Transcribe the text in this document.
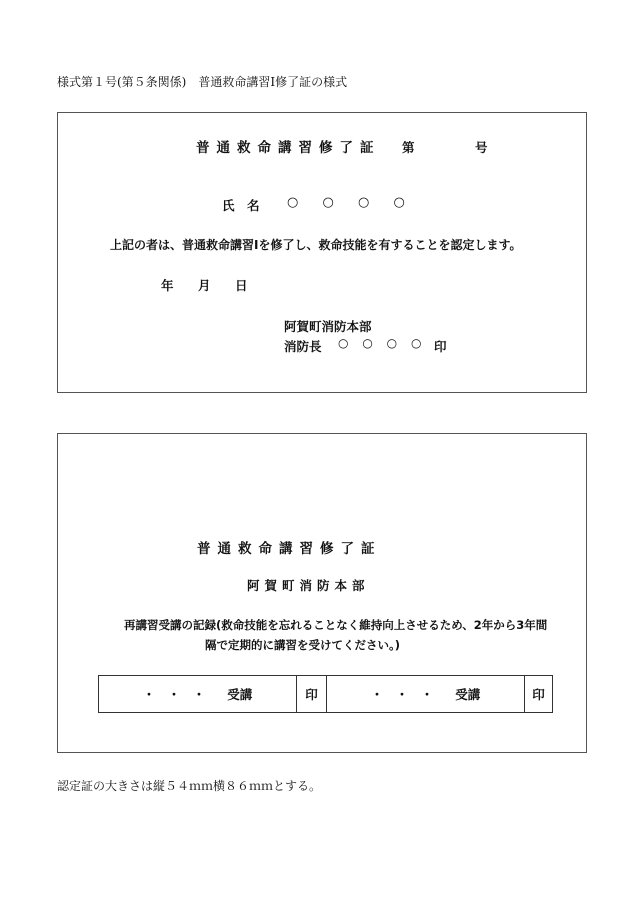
様式第１号(第５条関係)　普通救命講習Ⅰ修了証の様式
普通救命講習修了証 第	号
氏　名 ○ ○ ○ ○
上記の者は、普通救命講習Ⅰを修了し、救命技能を有することを認定します。
年 月 日
阿賀町消防本部
消防長 ○ ○ ○ ○	印
普通救命講習修了証
阿賀町消防本部
再講習受講の記録(救命技能を忘れることなく維持向上させるため、2年から3年間
隔で定期的に講習を受けてください。)
・　・　・ 受講	印	・　・　・ 受講	印
認定証の大きさは縦５４ｍｍ横８６ｍｍとする。
